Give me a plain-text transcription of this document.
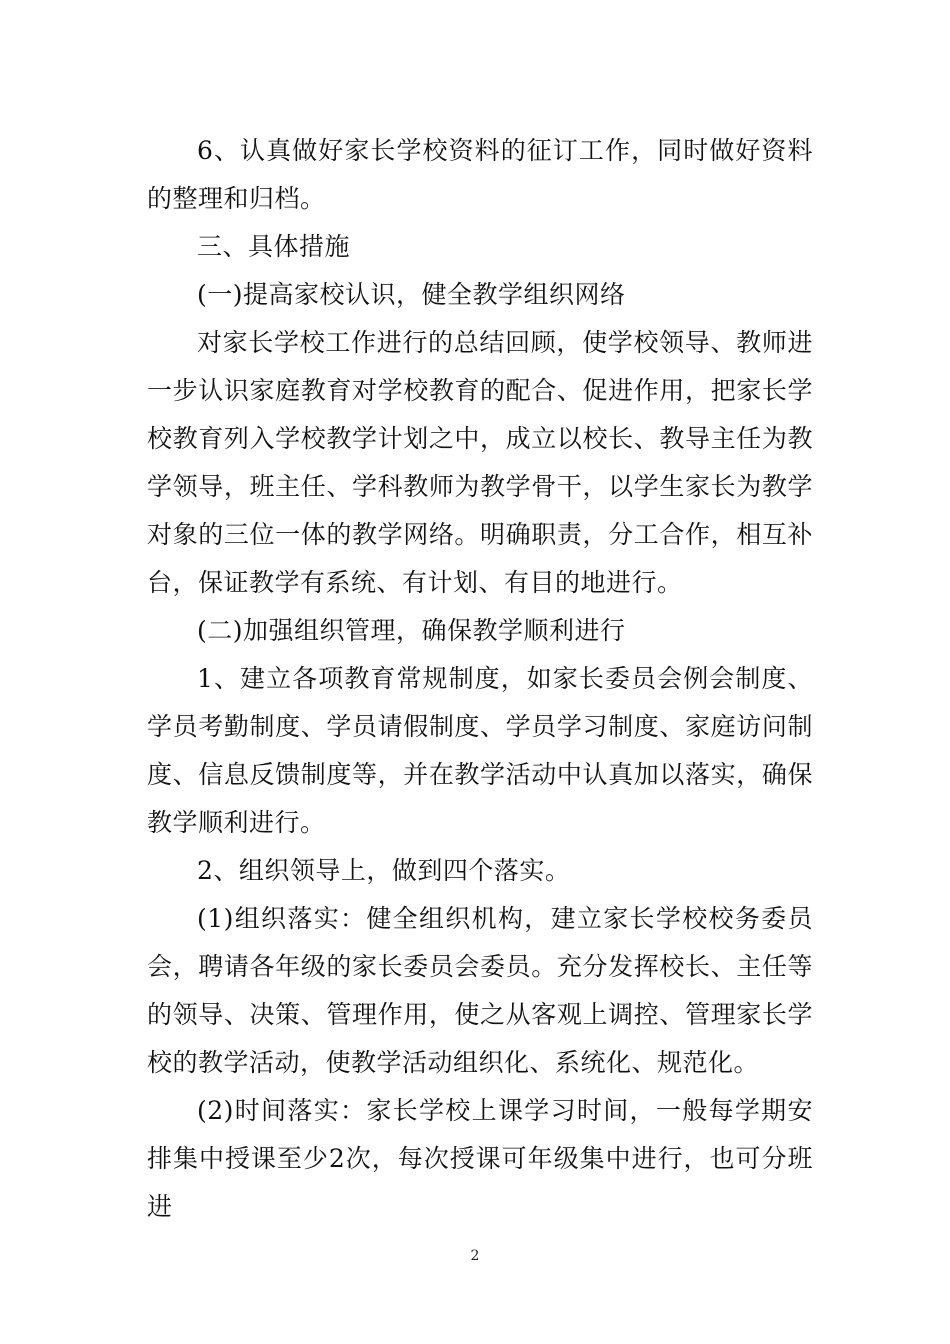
6、认真做好家长学校资料的征订工作，同时做好资料的整理和归档。

三、具体措施

(一)提高家校认识，健全教学组织网络

对家长学校工作进行的总结回顾，使学校领导、教师进一步认识家庭教育对学校教育的配合、促进作用，把家长学校教育列入学校教学计划之中，成立以校长、教导主任为教学领导，班主任、学科教师为教学骨干，以学生家长为教学对象的三位一体的教学网络。明确职责，分工合作，相互补台，保证教学有系统、有计划、有目的地进行。

(二)加强组织管理，确保教学顺利进行

1、建立各项教育常规制度，如家长委员会例会制度、学员考勤制度、学员请假制度、学员学习制度、家庭访问制度、信息反馈制度等，并在教学活动中认真加以落实，确保教学顺利进行。

2、组织领导上，做到四个落实。

(1)组织落实：健全组织机构，建立家长学校校务委员会，聘请各年级的家长委员会委员。充分发挥校长、主任等的领导、决策、管理作用，使之从客观上调控、管理家长学校的教学活动，使教学活动组织化、系统化、规范化。

(2)时间落实：家长学校上课学习时间，一般每学期安排集中授课至少2次，每次授课可年级集中进行，也可分班进

2
